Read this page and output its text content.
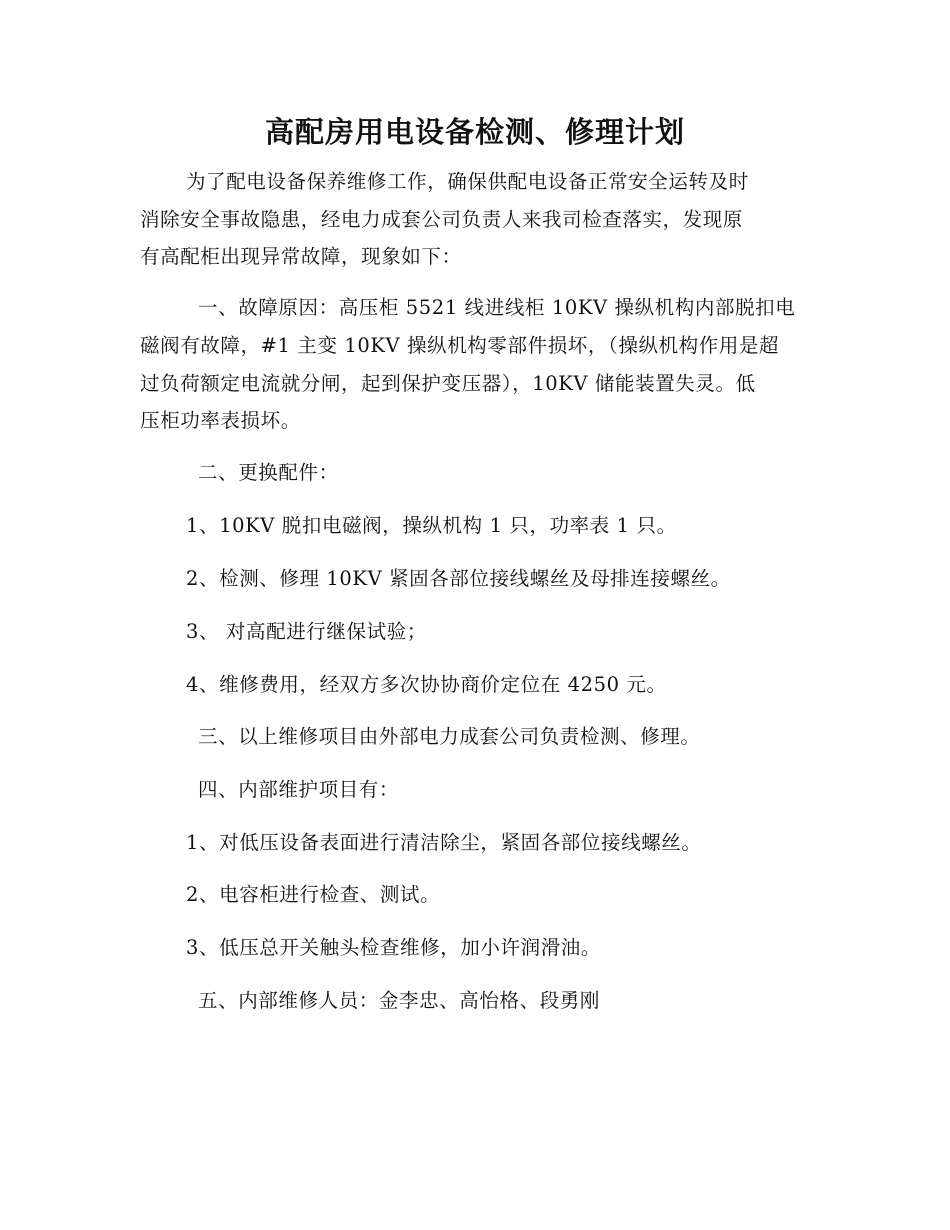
高配房用电设备检测、修理计划
为了配电设备保养维修工作，确保供配电设备正常安全运转及时
消除安全事故隐患，经电力成套公司负责人来我司检查落实，发现原
有高配柜出现异常故障，现象如下：
一、故障原因：高压柜 5521 线进线柜 10KV 操纵机构内部脱扣电
磁阀有故障，#1 主变 10KV 操纵机构零部件损坏，（操纵机构作用是超
过负荷额定电流就分闸，起到保护变压器），10KV 储能装置失灵。低
压柜功率表损坏。
二、更换配件：
1、10KV 脱扣电磁阀，操纵机构 1 只，功率表 1 只。
2、检测、修理 10KV 紧固各部位接线螺丝及母排连接螺丝。
3、 对高配进行继保试验；
4、维修费用，经双方多次协协商价定位在 4250 元。
三、以上维修项目由外部电力成套公司负责检测、修理。
四、内部维护项目有：
1、对低压设备表面进行清洁除尘，紧固各部位接线螺丝。
2、电容柜进行检查、测试。
3、低压总开关触头检查维修，加小许润滑油。
五、内部维修人员：金李忠、高怡格、段勇刚
